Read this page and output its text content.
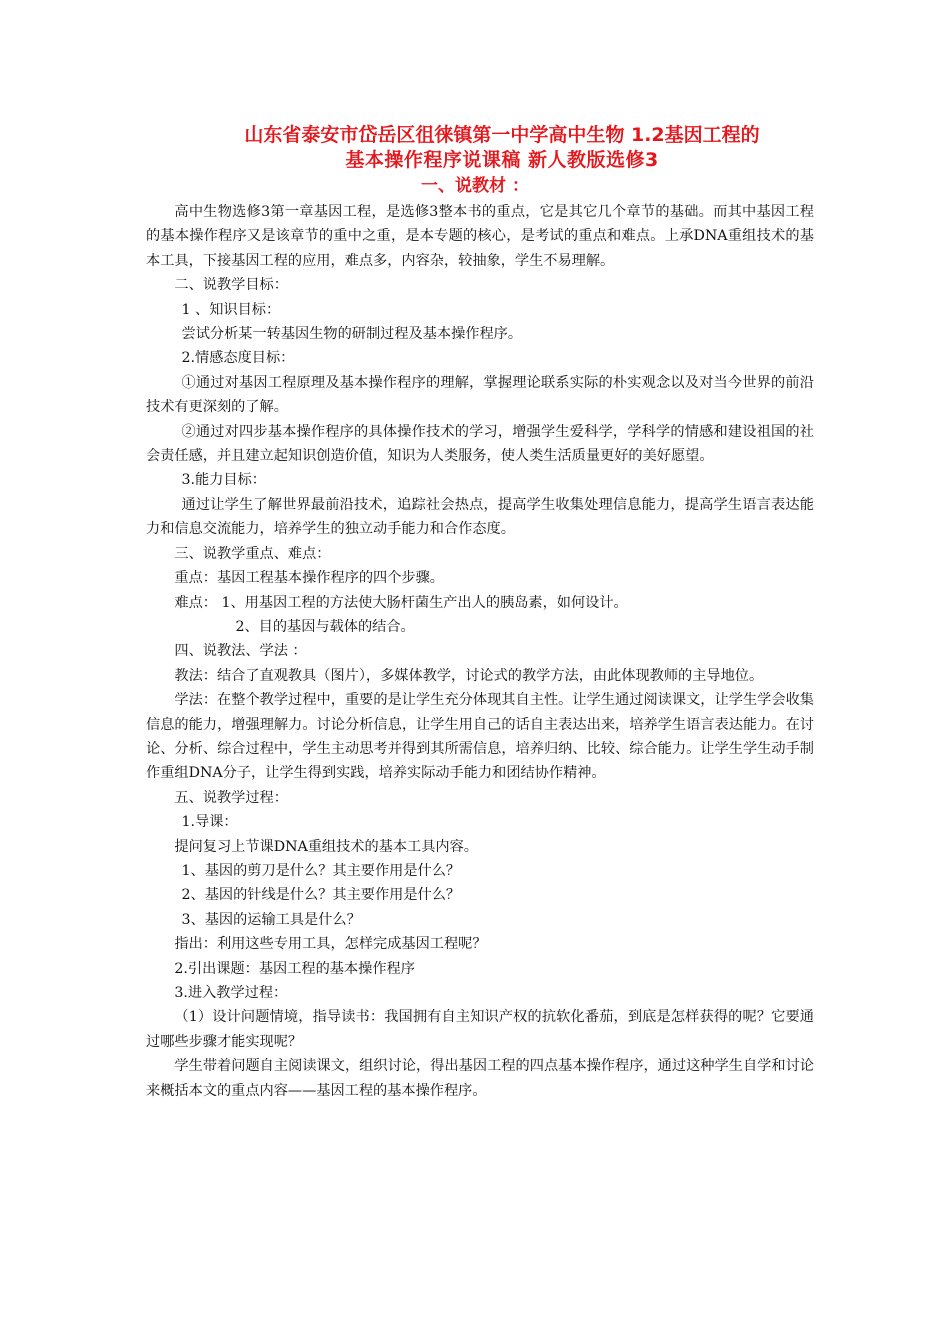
山东省泰安市岱岳区徂徕镇第一中学高中生物 1.2基因工程的
基本操作程序说课稿 新人教版选修3
一、说教材 ：

高中生物选修3第一章基因工程，是选修3整本书的重点，它是其它几个章节的基础。而其中基因工程的基本操作程序又是该章节的重中之重，是本专题的核心，是考试的重点和难点。上承DNA重组技术的基本工具，下接基因工程的应用，难点多，内容杂，较抽象，学生不易理解。

二、说教学目标：

1 、知识目标：

尝试分析某一转基因生物的研制过程及基本操作程序。

2.情感态度目标：

①通过对基因工程原理及基本操作程序的理解，掌握理论联系实际的朴实观念以及对当今世界的前沿技术有更深刻的了解。

②通过对四步基本操作程序的具体操作技术的学习，增强学生爱科学，学科学的情感和建设祖国的社会责任感，并且建立起知识创造价值，知识为人类服务，使人类生活质量更好的美好愿望。

3.能力目标：

通过让学生了解世界最前沿技术，追踪社会热点，提高学生收集处理信息能力，提高学生语言表达能力和信息交流能力，培养学生的独立动手能力和合作态度。

三、说教学重点、难点：

重点：基因工程基本操作程序的四个步骤。

难点： 1、用基因工程的方法使大肠杆菌生产出人的胰岛素，如何设计。

2、目的基因与载体的结合。

四、说教法、学法 ：

教法：结合了直观教具（图片），多媒体教学，讨论式的教学方法，由此体现教师的主导地位。

学法：在整个教学过程中，重要的是让学生充分体现其自主性。让学生通过阅读课文，让学生学会收集信息的能力，增强理解力。讨论分析信息，让学生用自己的话自主表达出来，培养学生语言表达能力。在讨论、分析、综合过程中，学生主动思考并得到其所需信息，培养归纳、比较、综合能力。让学生学生动手制作重组DNA分子，让学生得到实践，培养实际动手能力和团结协作精神。

五、说教学过程：

1.导课：

提问复习上节课DNA重组技术的基本工具内容。

1、基因的剪刀是什么？其主要作用是什么？

2、基因的针线是什么？其主要作用是什么？

3、基因的运输工具是什么？

指出：利用这些专用工具，怎样完成基因工程呢？

2.引出课题：基因工程的基本操作程序

3.进入教学过程：

（1）设计问题情境，指导读书：我国拥有自主知识产权的抗软化番茄，到底是怎样获得的呢？它要通过哪些步骤才能实现呢？

学生带着问题自主阅读课文，组织讨论，得出基因工程的四点基本操作程序，通过这种学生自学和讨论来概括本文的重点内容——基因工程的基本操作程序。
